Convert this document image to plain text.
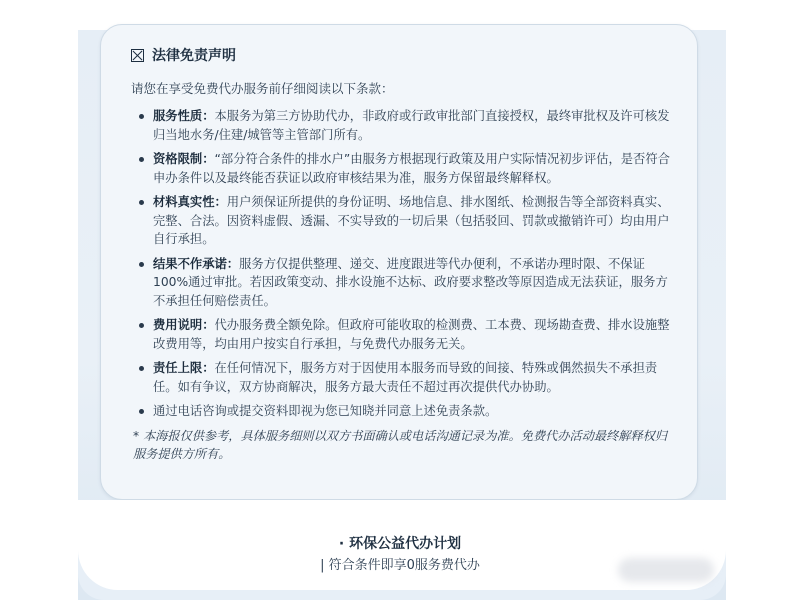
法律免责声明
请您在享受免费代办服务前仔细阅读以下条款：
服务性质：本服务为第三方协助代办，非政府或行政审批部门直接授权，最终审批权及许可核发归当地水务/住建/城管等主管部门所有。
资格限制：“部分符合条件的排水户”由服务方根据现行政策及用户实际情况初步评估，是否符合申办条件以及最终能否获证以政府审核结果为准，服务方保留最终解释权。
材料真实性：用户须保证所提供的身份证明、场地信息、排水图纸、检测报告等全部资料真实、完整、合法。因资料虚假、透漏、不实导致的一切后果（包括驳回、罚款或撤销许可）均由用户自行承担。
结果不作承诺：服务方仅提供整理、递交、进度跟进等代办便利，不承诺办理时限、不保证100%通过审批。若因政策变动、排水设施不达标、政府要求整改等原因造成无法获证，服务方不承担任何赔偿责任。
费用说明：代办服务费全额免除。但政府可能收取的检测费、工本费、现场勘查费、排水设施整改费用等，均由用户按实自行承担，与免费代办服务无关。
责任上限：在任何情况下，服务方对于因使用本服务而导致的间接、特殊或偶然损失不承担责任。如有争议，双方协商解决，服务方最大责任不超过再次提供代办协助。
通过电话咨询或提交资料即视为您已知晓并同意上述免责条款。
* 本海报仅供参考，具体服务细则以双方书面确认或电话沟通记录为准。免费代办活动最终解释权归服务提供方所有。
· 环保公益代办计划
| 符合条件即享0服务费代办
